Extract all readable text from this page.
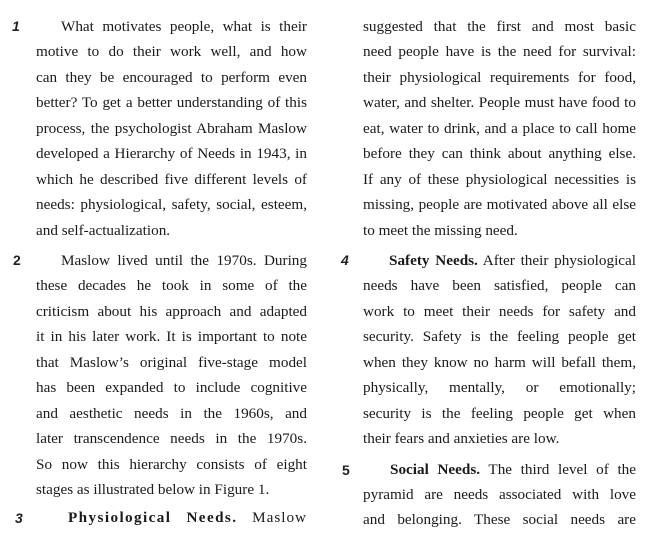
1	What motivates people, what is their
motive to do their work well, and how
can they be encouraged to perform even
better? To get a better understanding of this
process, the psychologist Abraham Maslow
developed a Hierarchy of Needs in 1943, in
which he described five different levels of
needs: physiological, safety, social, esteem,
and self-actualization.
2	Maslow lived until the 1970s. During
these decades he took in some of the
criticism about his approach and adapted
it in his later work. It is important to note
that Maslow’s original five-stage model
has been expanded to include cognitive
and aesthetic needs in the 1960s, and
later transcendence needs in the 1970s.
So now this hierarchy consists of eight
stages as illustrated below in Figure 1.
3	Physiological Needs. Maslow
suggested that the first and most basic
need people have is the need for survival:
their physiological requirements for food,
water, and shelter. People must have food to
eat, water to drink, and a place to call home
before they can think about anything else.
If any of these physiological necessities is
missing, people are motivated above all else
to meet the missing need.
4	Safety Needs. After their physiological
needs have been satisfied, people can
work to meet their needs for safety and
security. Safety is the feeling people get
when they know no harm will befall them,
physically, mentally, or emotionally;
security is the feeling people get when
their fears and anxieties are low.
5	Social Needs. The third level of the
pyramid are needs associated with love
and belonging. These social needs are
